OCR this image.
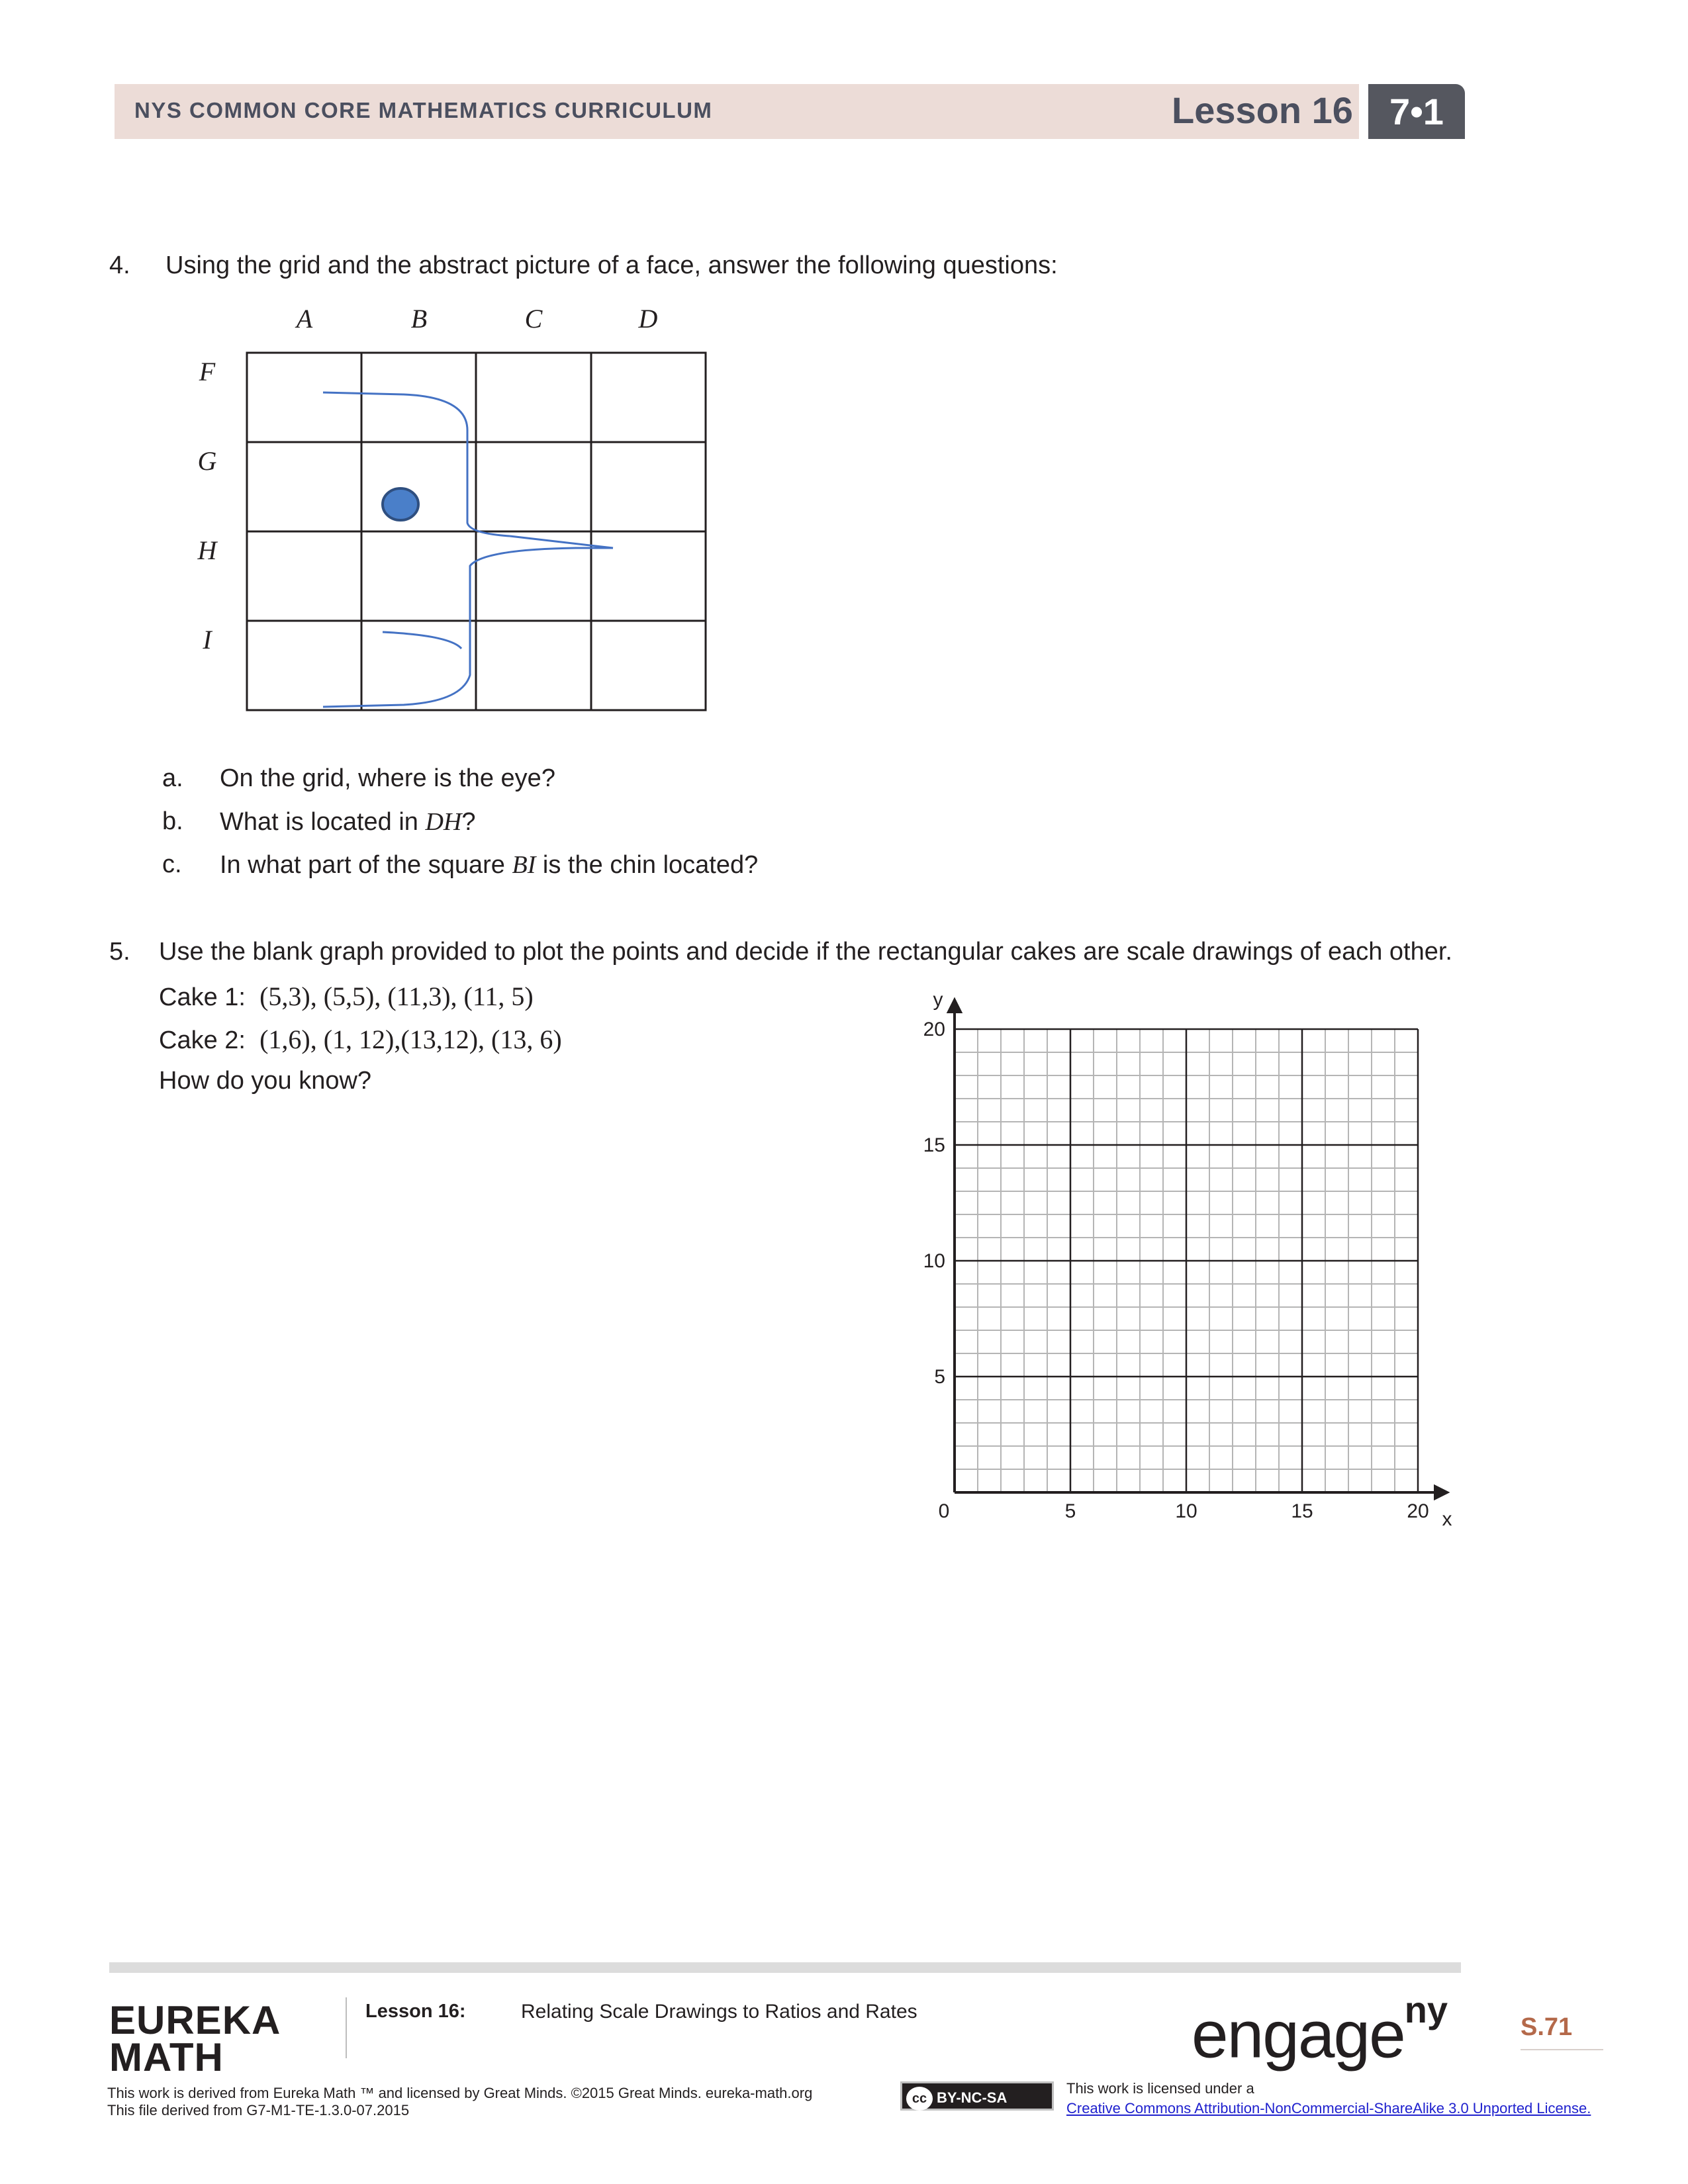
NYS COMMON CORE MATHEMATICS CURRICULUM	Lesson 16 7•1
4. Using the grid and the abstract picture of a face, answer the following questions:
A	B	C	D
F
G
H
I
a. On the grid, where is the eye?
b. What is located in DH?
c. In what part of the square BI is the chin located?
5. Use the blank graph provided to plot the points and decide if the rectangular cakes are scale drawings of each other.
Cake 1: (5,3), (5,5), (11,3), (11, 5)
Cake 2: (1,6), (1, 12),(13,12), (13, 6)
How do you know?
0	5	10	15	20
5
10
15
20
x
y
EUREKA
MATH
Lesson 16:	Relating Scale Drawings to Ratios and Rates	engage$^{ny}$	S.71
This work is derived from Eureka Math ™ and licensed by Great Minds. ©2015 Great Minds. eureka-math.org
This file derived from G7-M1-TE-1.3.0-07.2015
cc BY-NC-SA
This work is licensed under a
Creative Commons Attribution-NonCommercial-ShareAlike 3.0 Unported License.
